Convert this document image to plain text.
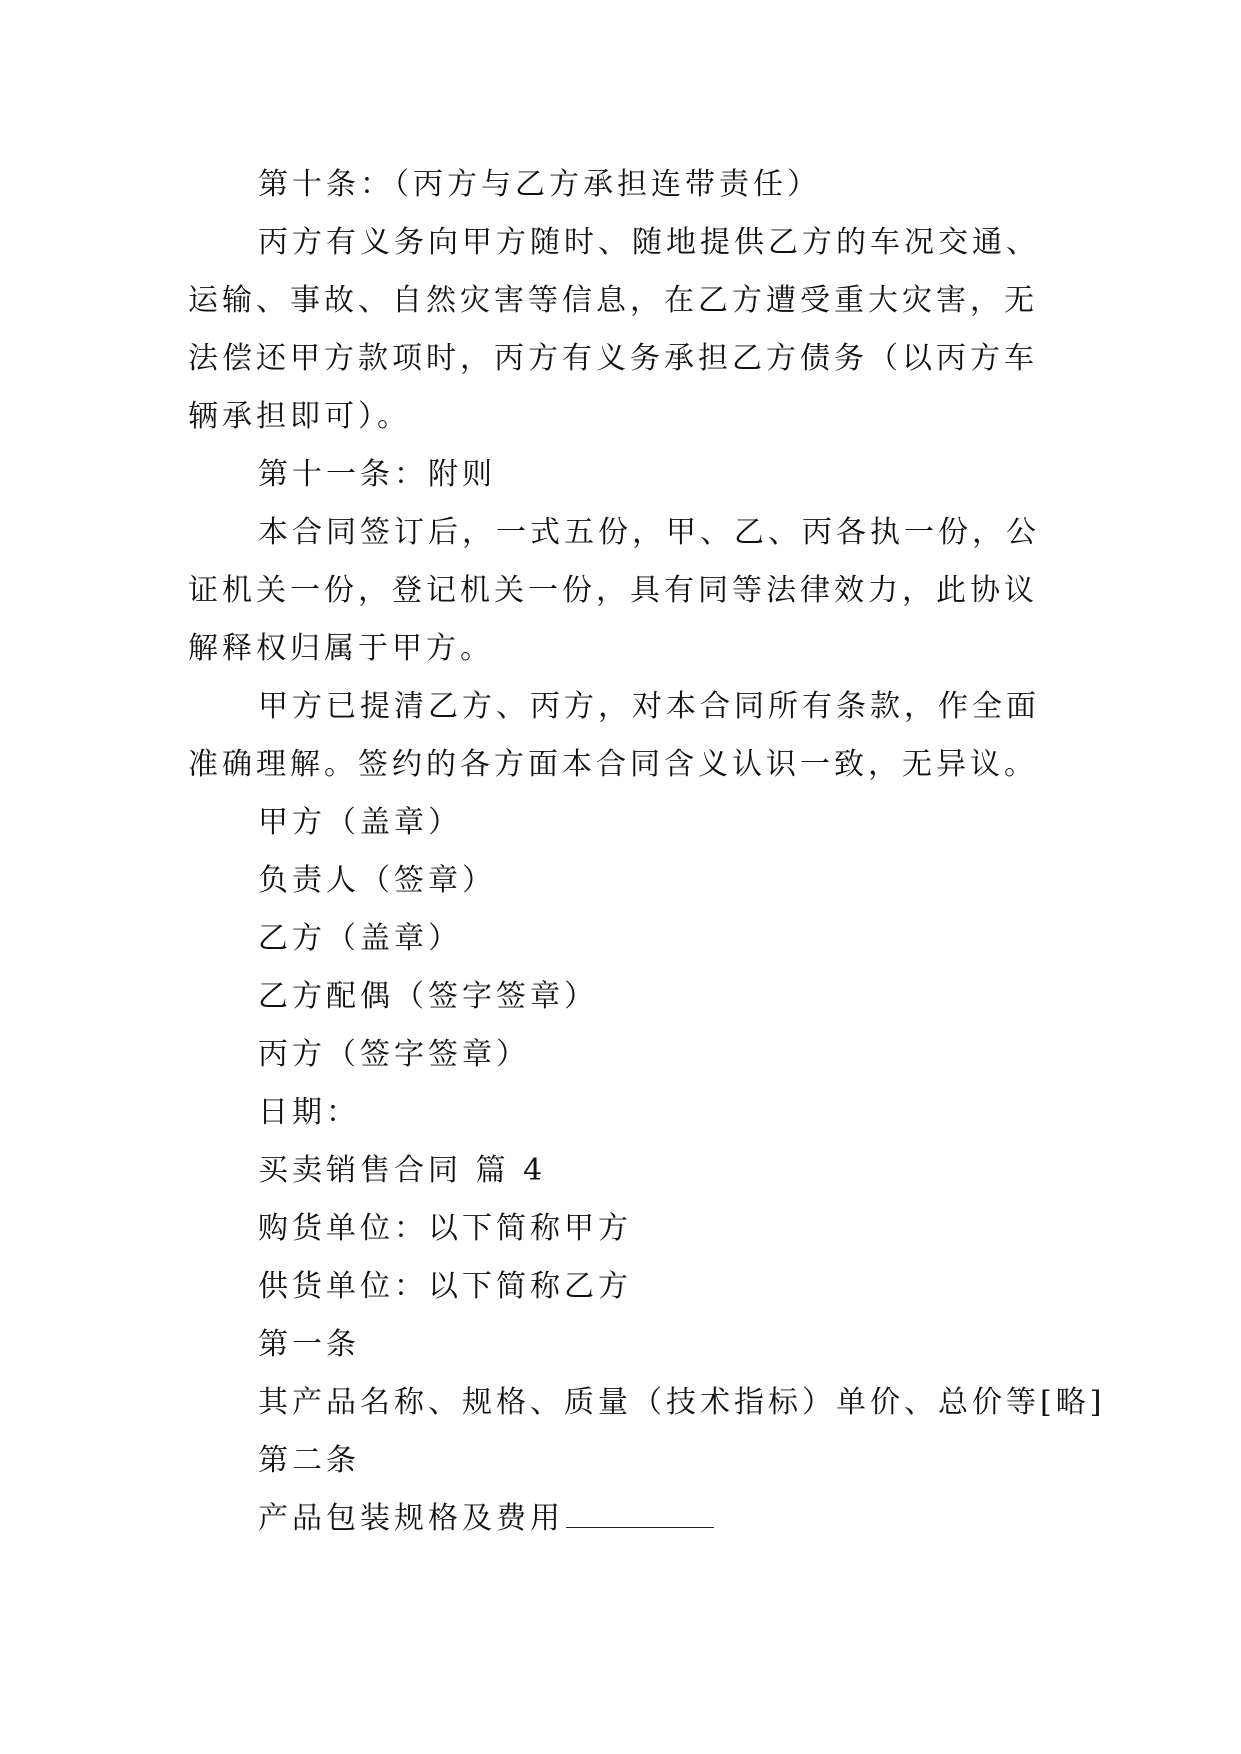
第十条：（丙方与乙方承担连带责任）

丙方有义务向甲方随时、随地提供乙方的车况交通、运输、事故、自然灾害等信息，在乙方遭受重大灾害，无法偿还甲方款项时，丙方有义务承担乙方债务（以丙方车辆承担即可）。

第十一条：附则

本合同签订后，一式五份，甲、乙、丙各执一份，公证机关一份，登记机关一份，具有同等法律效力，此协议解释权归属于甲方。

甲方已提清乙方、丙方，对本合同所有条款，作全面准确理解。签约的各方面本合同含义认识一致，无异议。

甲方（盖章）

负责人（签章）

乙方（盖章）

乙方配偶（签字签章）

丙方（签字签章）

日期：

买卖销售合同 篇 4

购货单位：以下简称甲方

供货单位：以下简称乙方

第一条

其产品名称、规格、质量（技术指标）单价、总价等[略]

第二条

产品包装规格及费用
